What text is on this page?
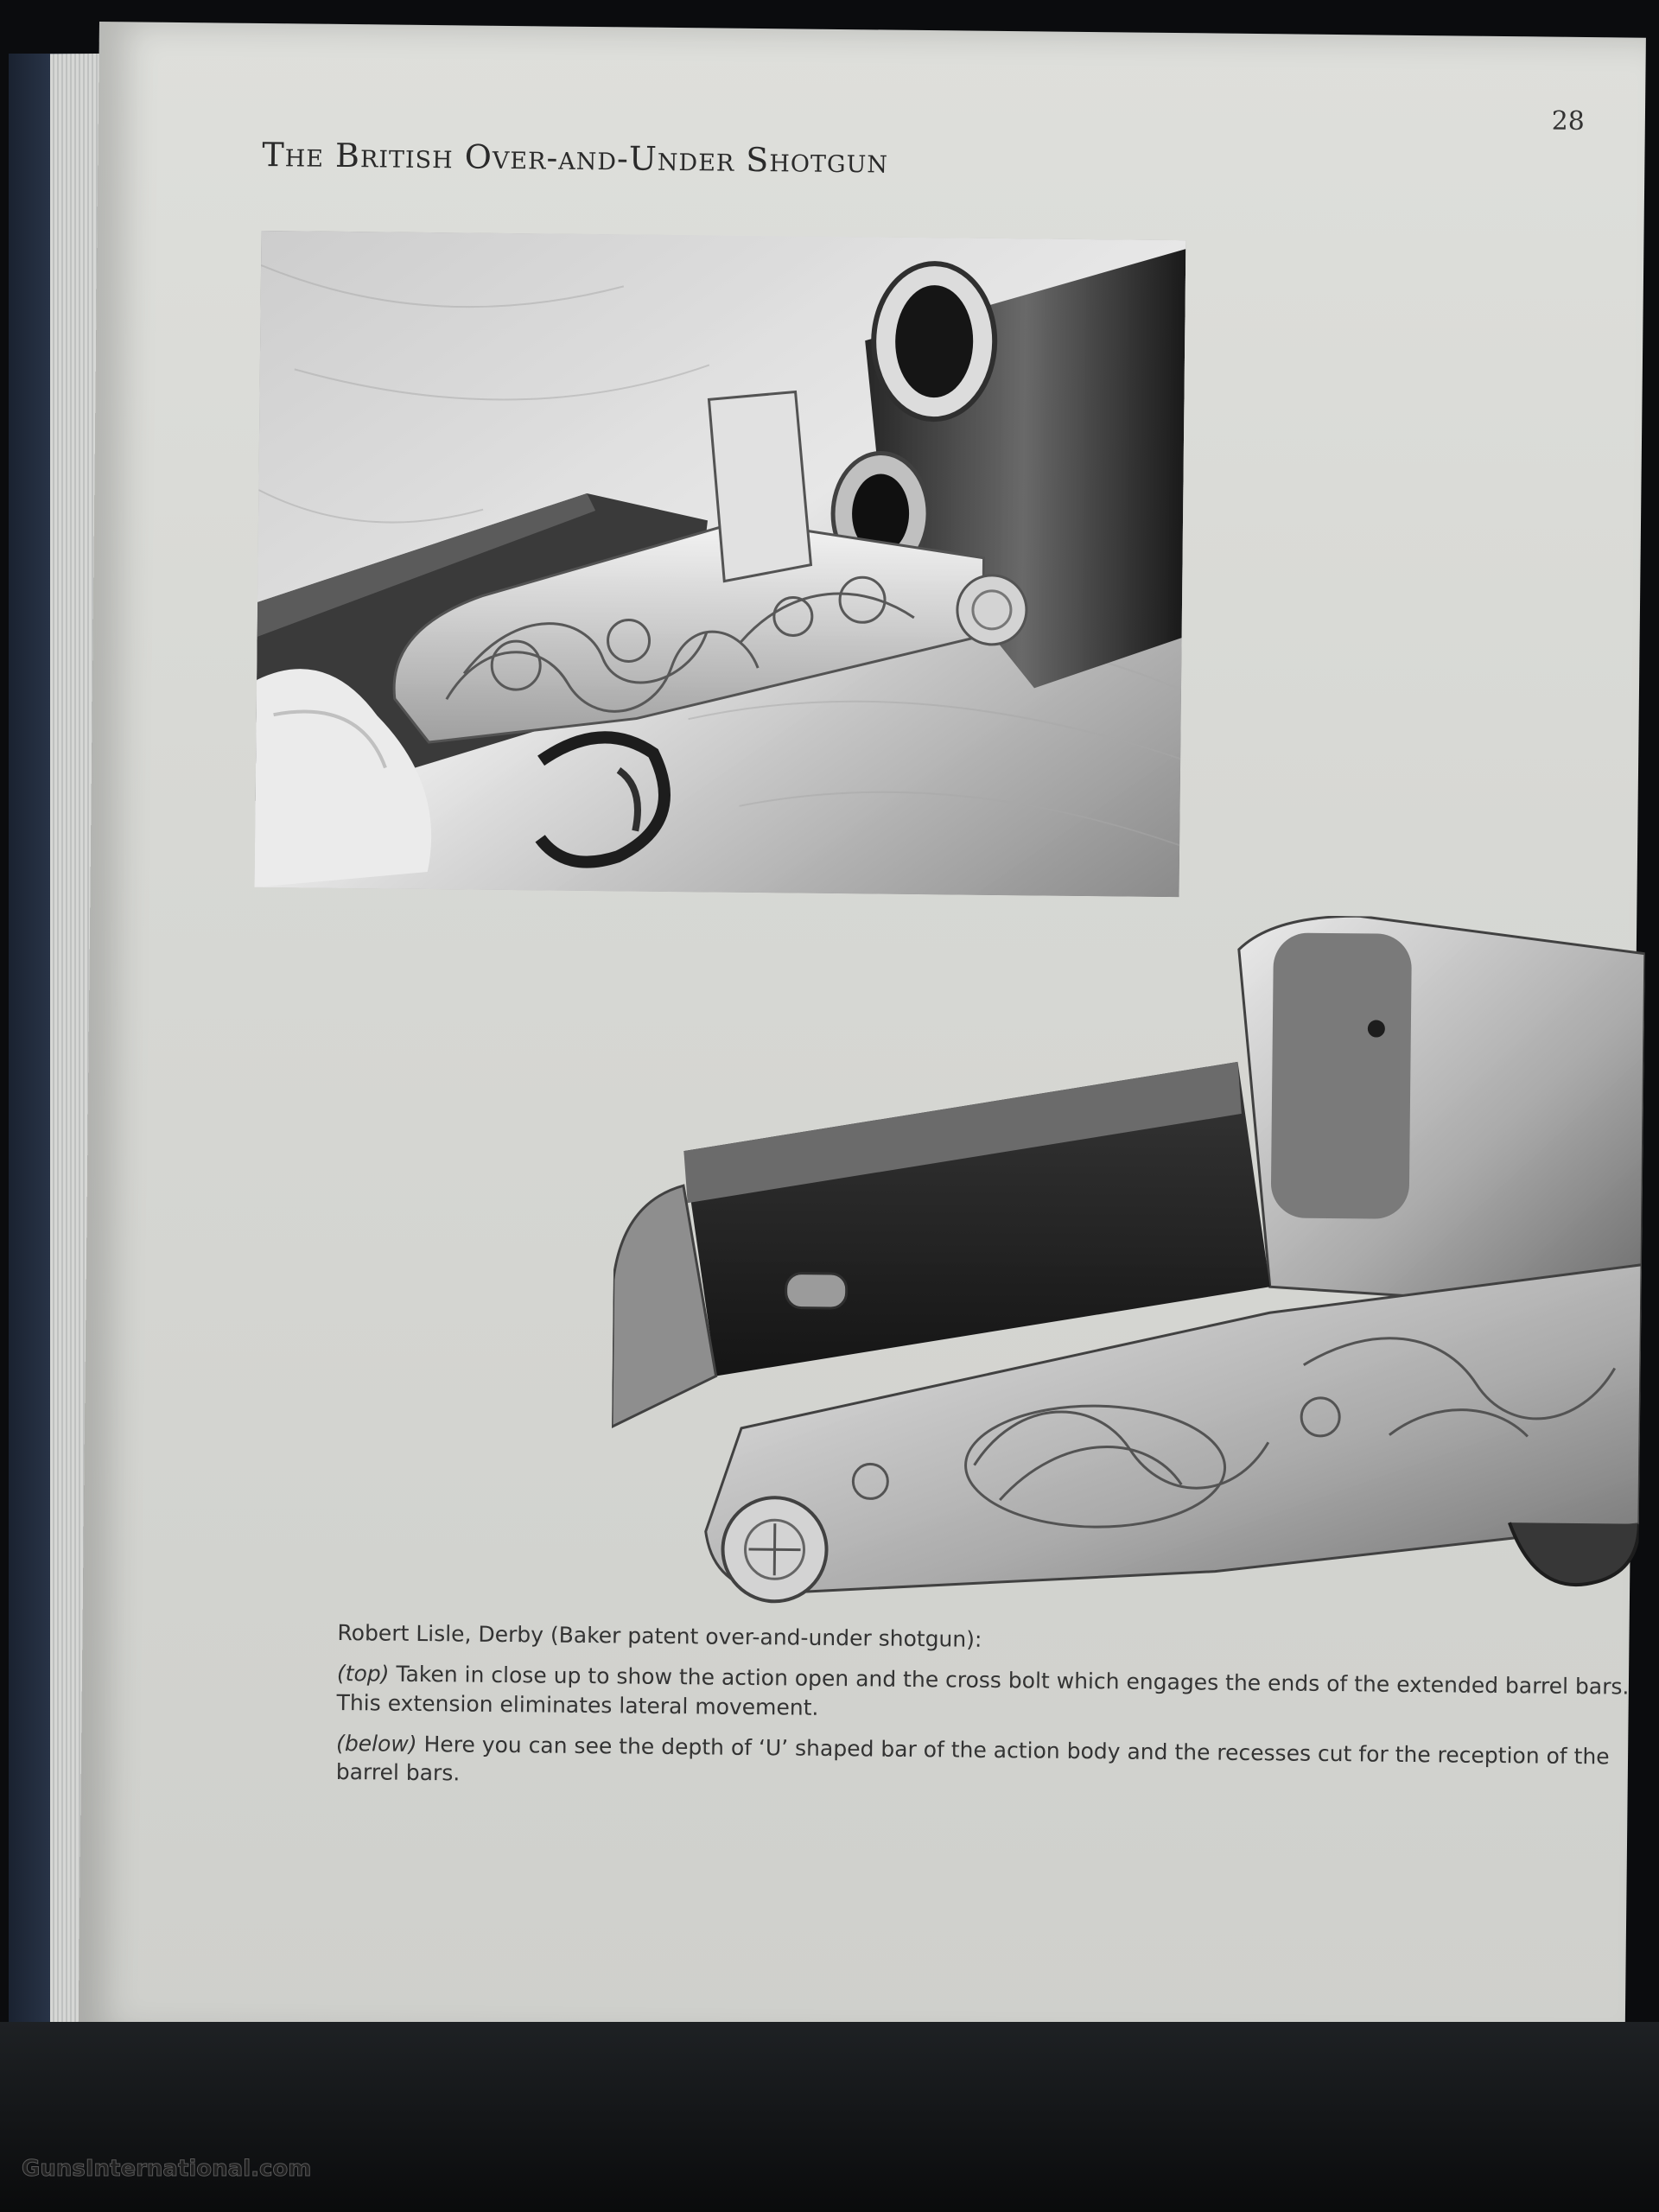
The British Over-and-Under Shotgun
28

Robert Lisle, Derby (Baker patent over-and-under shotgun):

(top) Taken in close up to show the action open and the cross bolt which engages the ends of the extended barrel bars. This extension eliminates lateral movement.

(below) Here you can see the depth of ‘U’ shaped bar of the action body and the recesses cut for the reception of the barrel bars.

GunsInternational.com
